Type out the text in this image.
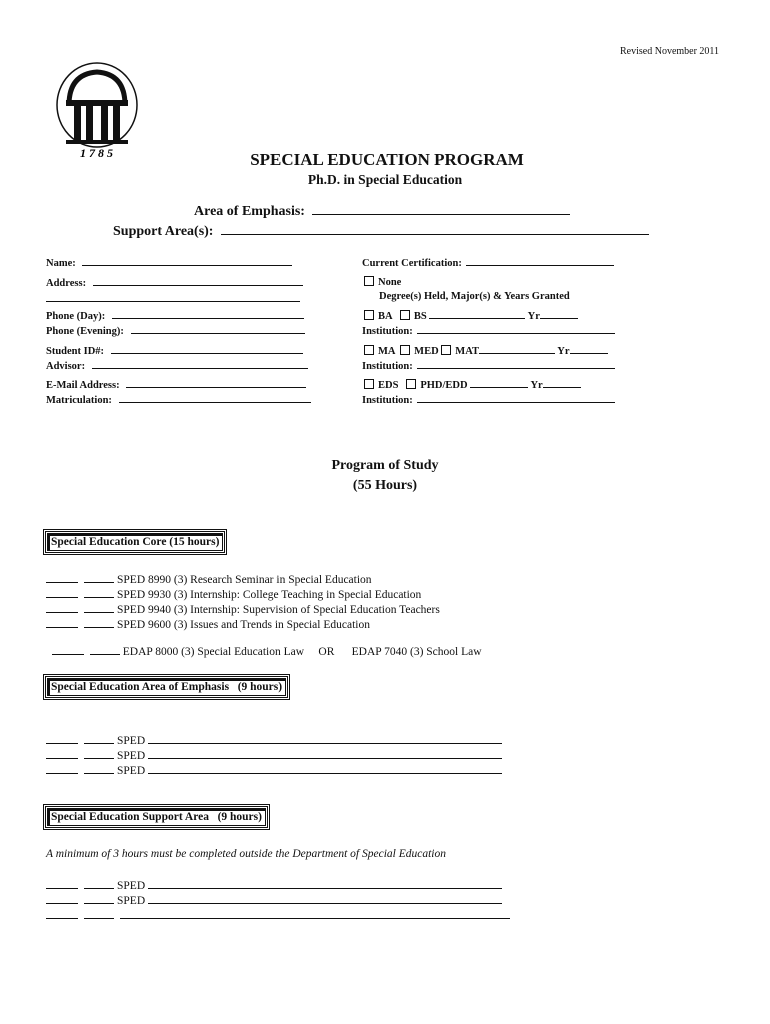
Revised November 2011
1785	SPECIAL EDUCATION PROGRAM
Ph.D. in Special Education
Area of Emphasis:
Support Area(s):
Name:
Address:
Phone (Day):
Phone (Evening):
Student ID#:
Advisor:
E-Mail Address:
Matriculation:
Current Certification:
None
Degree(s) Held, Major(s) & Years Granted
BA BS	Yr
Institution:
MA MED MAT	Yr
Institution:
EDS PHD/EDD	Yr
Institution:
Program of Study
(55 Hours)
Special Education Core (15 hours)
SPED 8990 (3) Research Seminar in Special Education
SPED 9930 (3) Internship: College Teaching in Special Education
SPED 9940 (3) Internship: Supervision of Special Education Teachers
SPED 9600 (3) Issues and Trends in Special Education

EDAP 8000 (3) Special Education Law     OR      EDAP 7040 (3) School Law

Special Education Area of Emphasis   (9 hours)
SPED
SPED
SPED
Special Education Support Area   (9 hours)
A minimum of 3 hours must be completed outside the Department of Special Education
SPED
SPED
